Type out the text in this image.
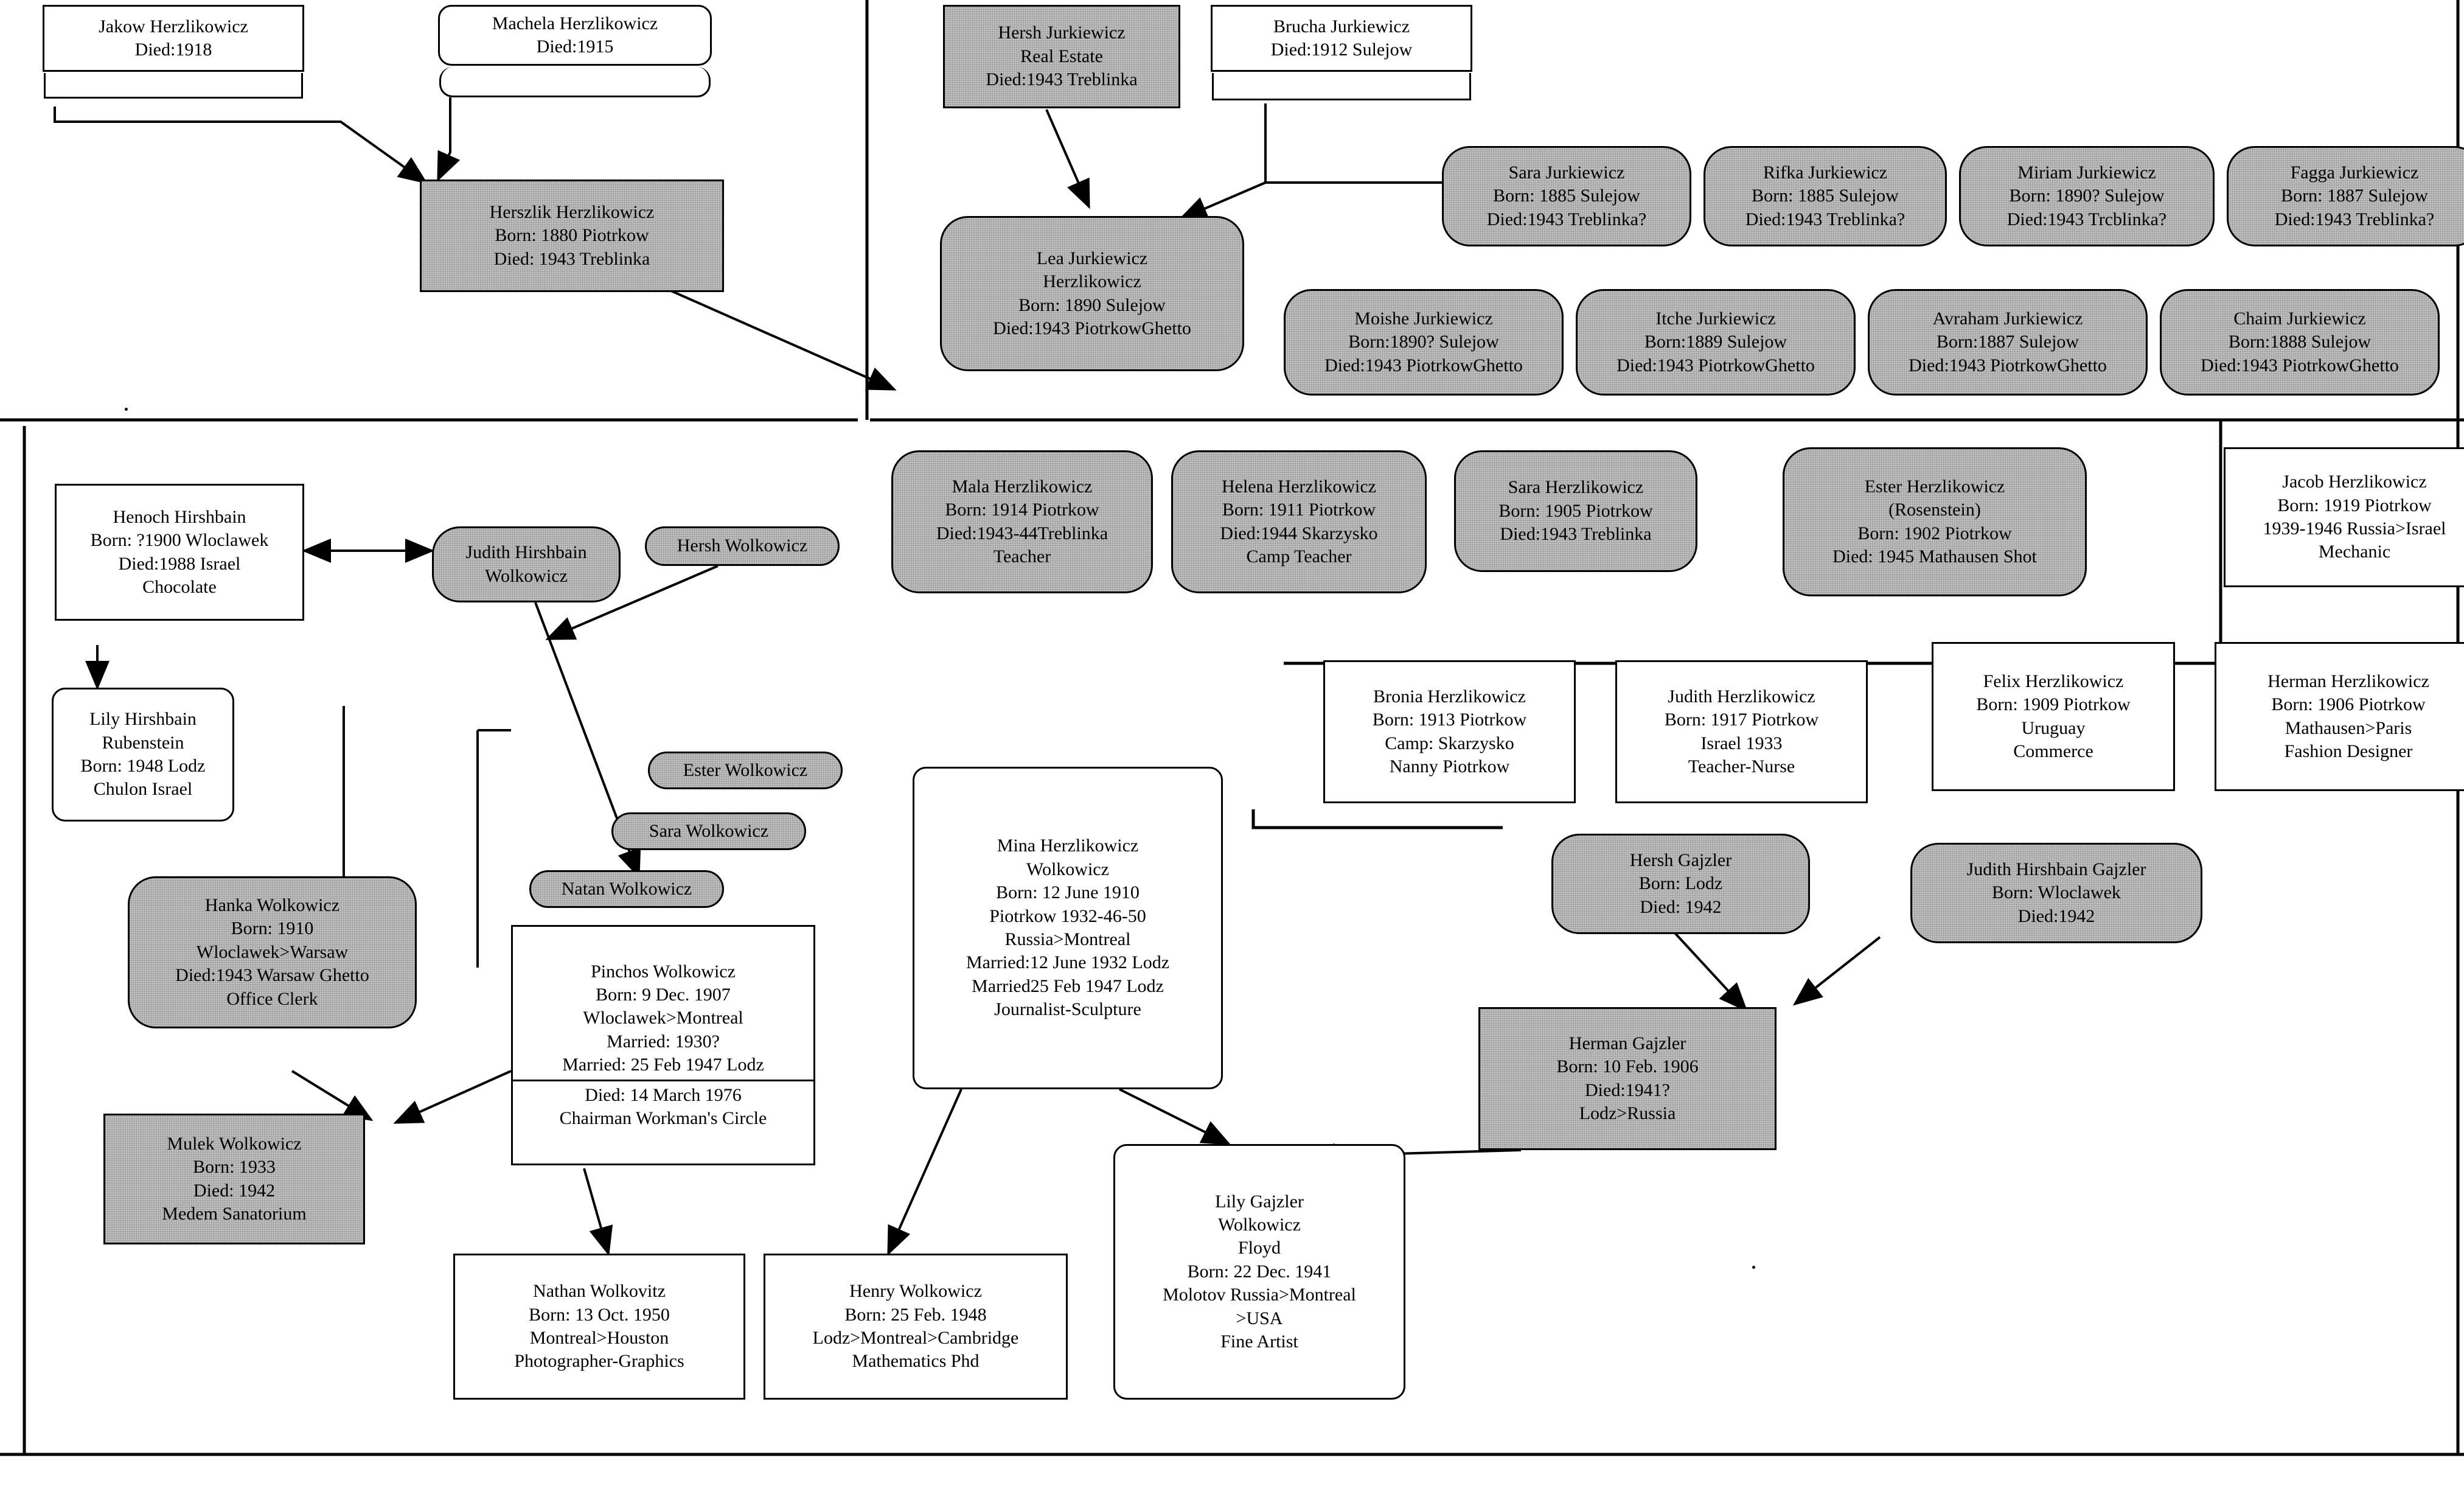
Jakow Herzlikowicz
Died:1918
Machela Herzlikowicz
Died:1915
Hersh Jurkiewicz
Real Estate
Died:1943 Treblinka
Brucha Jurkiewicz
Died:1912 Sulejow
Herszlik Herzlikowicz
Born: 1880 Piotrkow
Died: 1943 Treblinka	Lea Jurkiewicz
Herzlikowicz
Born: 1890 Sulejow
Died:1943 PiotrkowGhetto
Sara Jurkiewicz
Born: 1885 Sulejow
Died:1943 Treblinka?
Rifka Jurkiewicz
Born: 1885 Sulejow
Died:1943 Treblinka?
Miriam Jurkiewicz
Born: 1890? Sulejow
Died:1943 Trcblinka?
Fagga Jurkiewicz
Born: 1887 Sulejow
Died:1943 Treblinka?
Moishe Jurkiewicz
Born:1890? Sulejow
Died:1943 PiotrkowGhetto
Itche Jurkiewicz
Born:1889 Sulejow
Died:1943 PiotrkowGhetto
Avraham Jurkiewicz
Born:1887 Sulejow
Died:1943 PiotrkowGhetto
Chaim Jurkiewicz
Born:1888 Sulejow
Died:1943 PiotrkowGhetto
Mala Herzlikowicz
Born: 1914 Piotrkow
Died:1943-44Treblinka
Teacher
Helena Herzlikowicz
Born: 1911 Piotrkow
Died:1944 Skarzysko
Camp Teacher
Sara Herzlikowicz
Born: 1905 Piotrkow
Died:1943 Treblinka
Ester Herzlikowicz
(Rosenstein)
Born: 1902 Piotrkow
Died: 1945 Mathausen Shot
Jacob Herzlikowicz
Born: 1919 Piotrkow
1939-1946 Russia>Israel
Mechanic
Bronia Herzlikowicz
Born: 1913 Piotrkow
Camp: Skarzysko
Nanny Piotrkow
Judith Herzlikowicz
Born: 1917 Piotrkow
Israel 1933
Teacher-Nurse
Felix Herzlikowicz
Born: 1909 Piotrkow
Uruguay
Commerce
Herman Herzlikowicz
Born: 1906 Piotrkow
Mathausen>Paris
Fashion Designer
Henoch Hirshbain
Born: ?1900 Wloclawek
Died:1988 Israel
Chocolate
Judith Hirshbain
Wolkowicz
Hersh Wolkowicz
Lily Hirshbain
Rubenstein
Born: 1948 Lodz
Chulon Israel
Ester Wolkowicz
Sara Wolkowicz
Natan Wolkowicz
Hanka Wolkowicz
Born: 1910
Wloclawek>Warsaw
Died:1943 Warsaw Ghetto
Office Clerk
Mulek Wolkowicz
Born: 1933
Died: 1942
Medem Sanatorium
Pinchos Wolkowicz
Born: 9 Dec. 1907
Wloclawek>Montreal
Married: 1930?
Married: 25 Feb 1947 Lodz
Died: 14 March 1976
Chairman Workman's Circle
Mina Herzlikowicz
Wolkowicz
Born: 12 June 1910
Piotrkow 1932-46-50
Russia>Montreal
Married:12 June 1932 Lodz
Married25 Feb 1947 Lodz
Journalist-Sculpture
Hersh Gajzler
Born: Lodz
Died: 1942
Judith Hirshbain Gajzler
Born: Wloclawek
Died:1942
Herman Gajzler
Born: 10 Feb. 1906
Died:1941?
Lodz>Russia
Lily Gajzler
Wolkowicz
Floyd
Born: 22 Dec. 1941
Molotov Russia>Montreal
>USA
Fine Artist
Nathan Wolkovitz
Born: 13 Oct. 1950
Montreal>Houston
Photographer-Graphics
Henry Wolkowicz
Born: 25 Feb. 1948
Lodz>Montreal>Cambridge
Mathematics Phd
